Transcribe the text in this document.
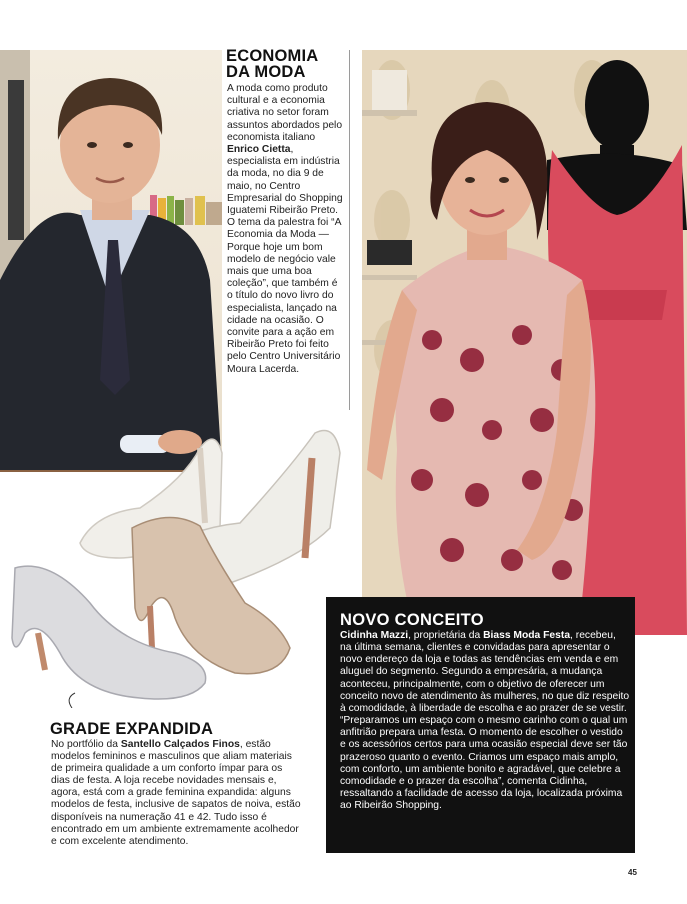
ECONOMIA
DA MODA
A moda como produto cultural e a economia criativa no setor foram assuntos abordados pelo economista italiano Enrico Cietta, especialista em indústria da moda, no dia 9 de maio, no Centro Empresarial do Shopping Iguatemi Ribeirão Preto. O tema da palestra foi “A Economia da Moda — Porque hoje um bom modelo de negócio vale mais que uma boa coleção”, que também é o título do novo livro do especialista, lançado na cidade na ocasião. O convite para a ação em Ribeirão Preto foi feito pelo Centro Universitário Moura Lacerda.
GRADE EXPANDIDA
No portfólio da Santello Calçados Finos, estão modelos femininos e masculinos que aliam materiais de primeira qualidade a um conforto ímpar para os dias de festa. A loja recebe novidades mensais e, agora, está com a grade feminina expandida: alguns modelos de festa, inclusive de sapatos de noiva, estão disponíveis na numeração 41 e 42. Tudo isso é encontrado em um ambiente extremamente acolhedor e com excelente atendimento.
NOVO CONCEITO
Cidinha Mazzi, proprietária da Biass Moda Festa, recebeu, na última semana, clientes e convidadas para apresentar o novo endereço da loja e todas as tendências em venda e em aluguel do segmento. Segundo a empresária, a mudança aconteceu, principalmente, com o objetivo de oferecer um conceito novo de atendimento às mulheres, no que diz respeito à comodidade, à liberdade de escolha e ao prazer de se vestir. “Preparamos um espaço com o mesmo carinho com o qual um anfitrião prepara uma festa. O momento de escolher o vestido e os acessórios certos para uma ocasião especial deve ser tão prazeroso quanto o evento. Criamos um espaço mais amplo, com conforto, um ambiente bonito e agradável, que celebre a comodidade e o prazer da escolha”, comenta Cidinha, ressaltando a facilidade de acesso da loja, localizada próxima ao Ribeirão Shopping.
45
